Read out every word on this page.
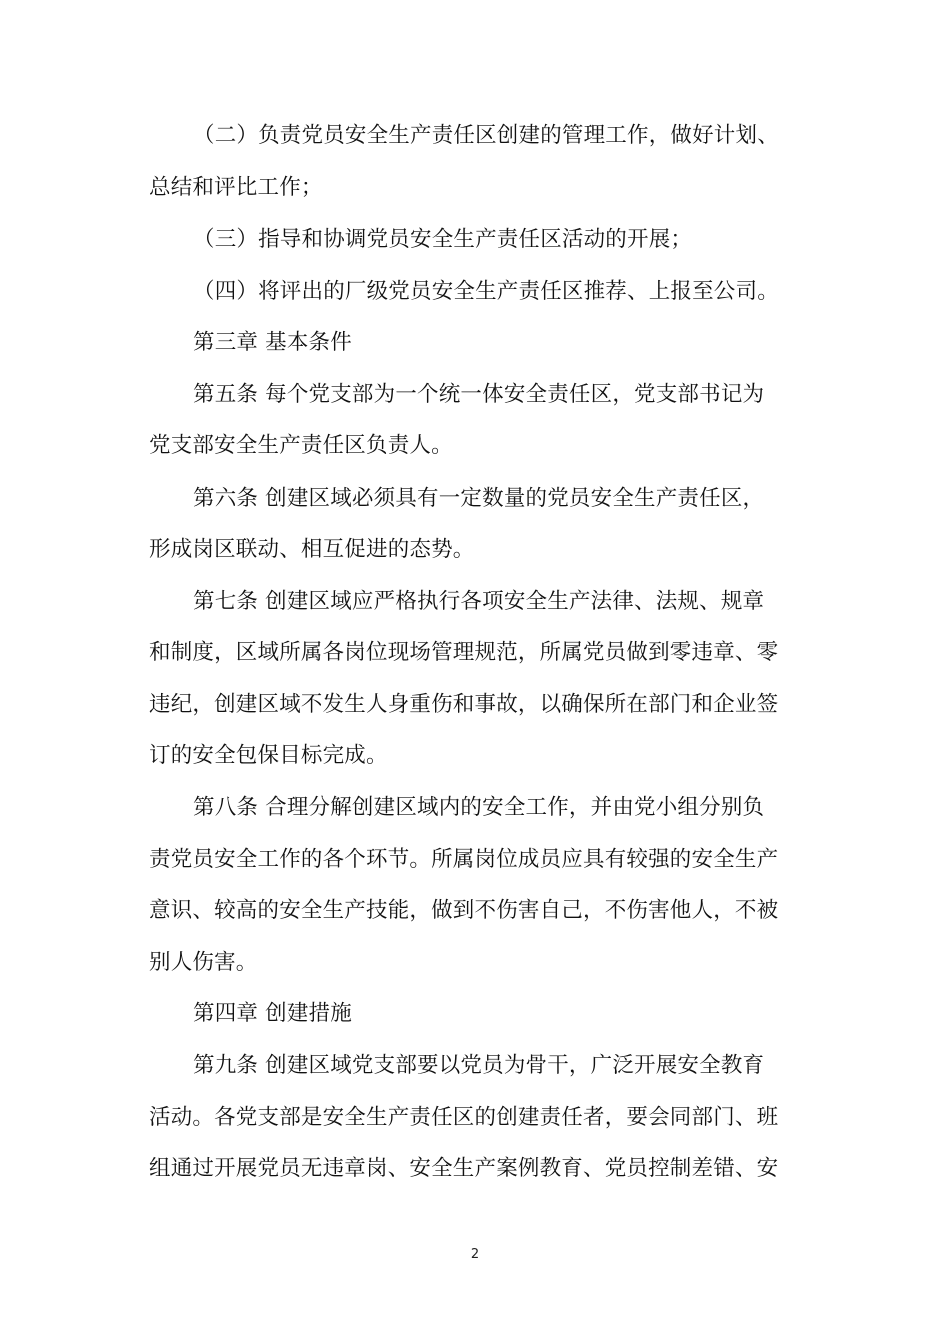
（二）负责党员安全生产责任区创建的管理工作，做好计划、
总结和评比工作；
（三）指导和协调党员安全生产责任区活动的开展；
（四）将评出的厂级党员安全生产责任区推荐、上报至公司。
第三章 基本条件
第五条 每个党支部为一个统一体安全责任区，党支部书记为
党支部安全生产责任区负责人。
第六条 创建区域必须具有一定数量的党员安全生产责任区，
形成岗区联动、相互促进的态势。
第七条 创建区域应严格执行各项安全生产法律、法规、规章
和制度，区域所属各岗位现场管理规范，所属党员做到零违章、零
违纪，创建区域不发生人身重伤和事故，以确保所在部门和企业签
订的安全包保目标完成。
第八条 合理分解创建区域内的安全工作，并由党小组分别负
责党员安全工作的各个环节。所属岗位成员应具有较强的安全生产
意识、较高的安全生产技能，做到不伤害自己，不伤害他人，不被
别人伤害。
第四章 创建措施
第九条 创建区域党支部要以党员为骨干，广泛开展安全教育
活动。各党支部是安全生产责任区的创建责任者，要会同部门、班
组通过开展党员无违章岗、安全生产案例教育、党员控制差错、安
2
